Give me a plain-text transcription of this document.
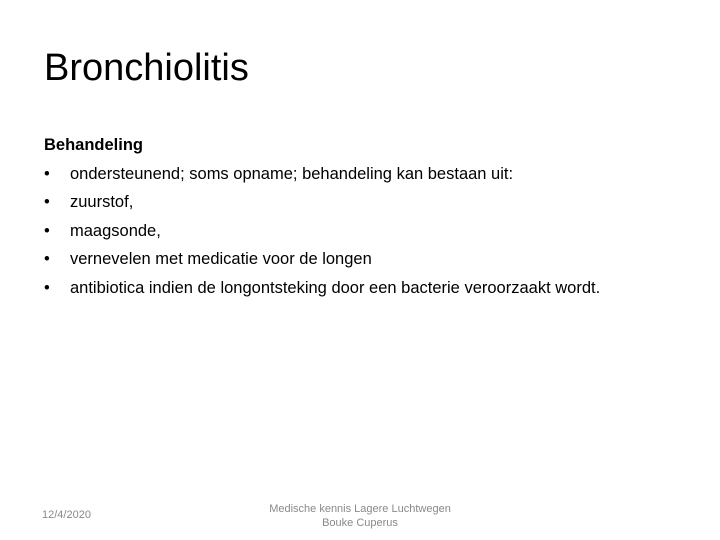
Bronchiolitis
Behandeling
•	ondersteunend; soms opname; behandeling kan bestaan uit:
•	zuurstof,
•	maagsonde,
•	vernevelen met medicatie voor de longen
•	antibiotica indien de longontsteking door een bacterie veroorzaakt wordt.
12/4/2020	Medische kennis Lagere Luchtwegen
Bouke Cuperus
